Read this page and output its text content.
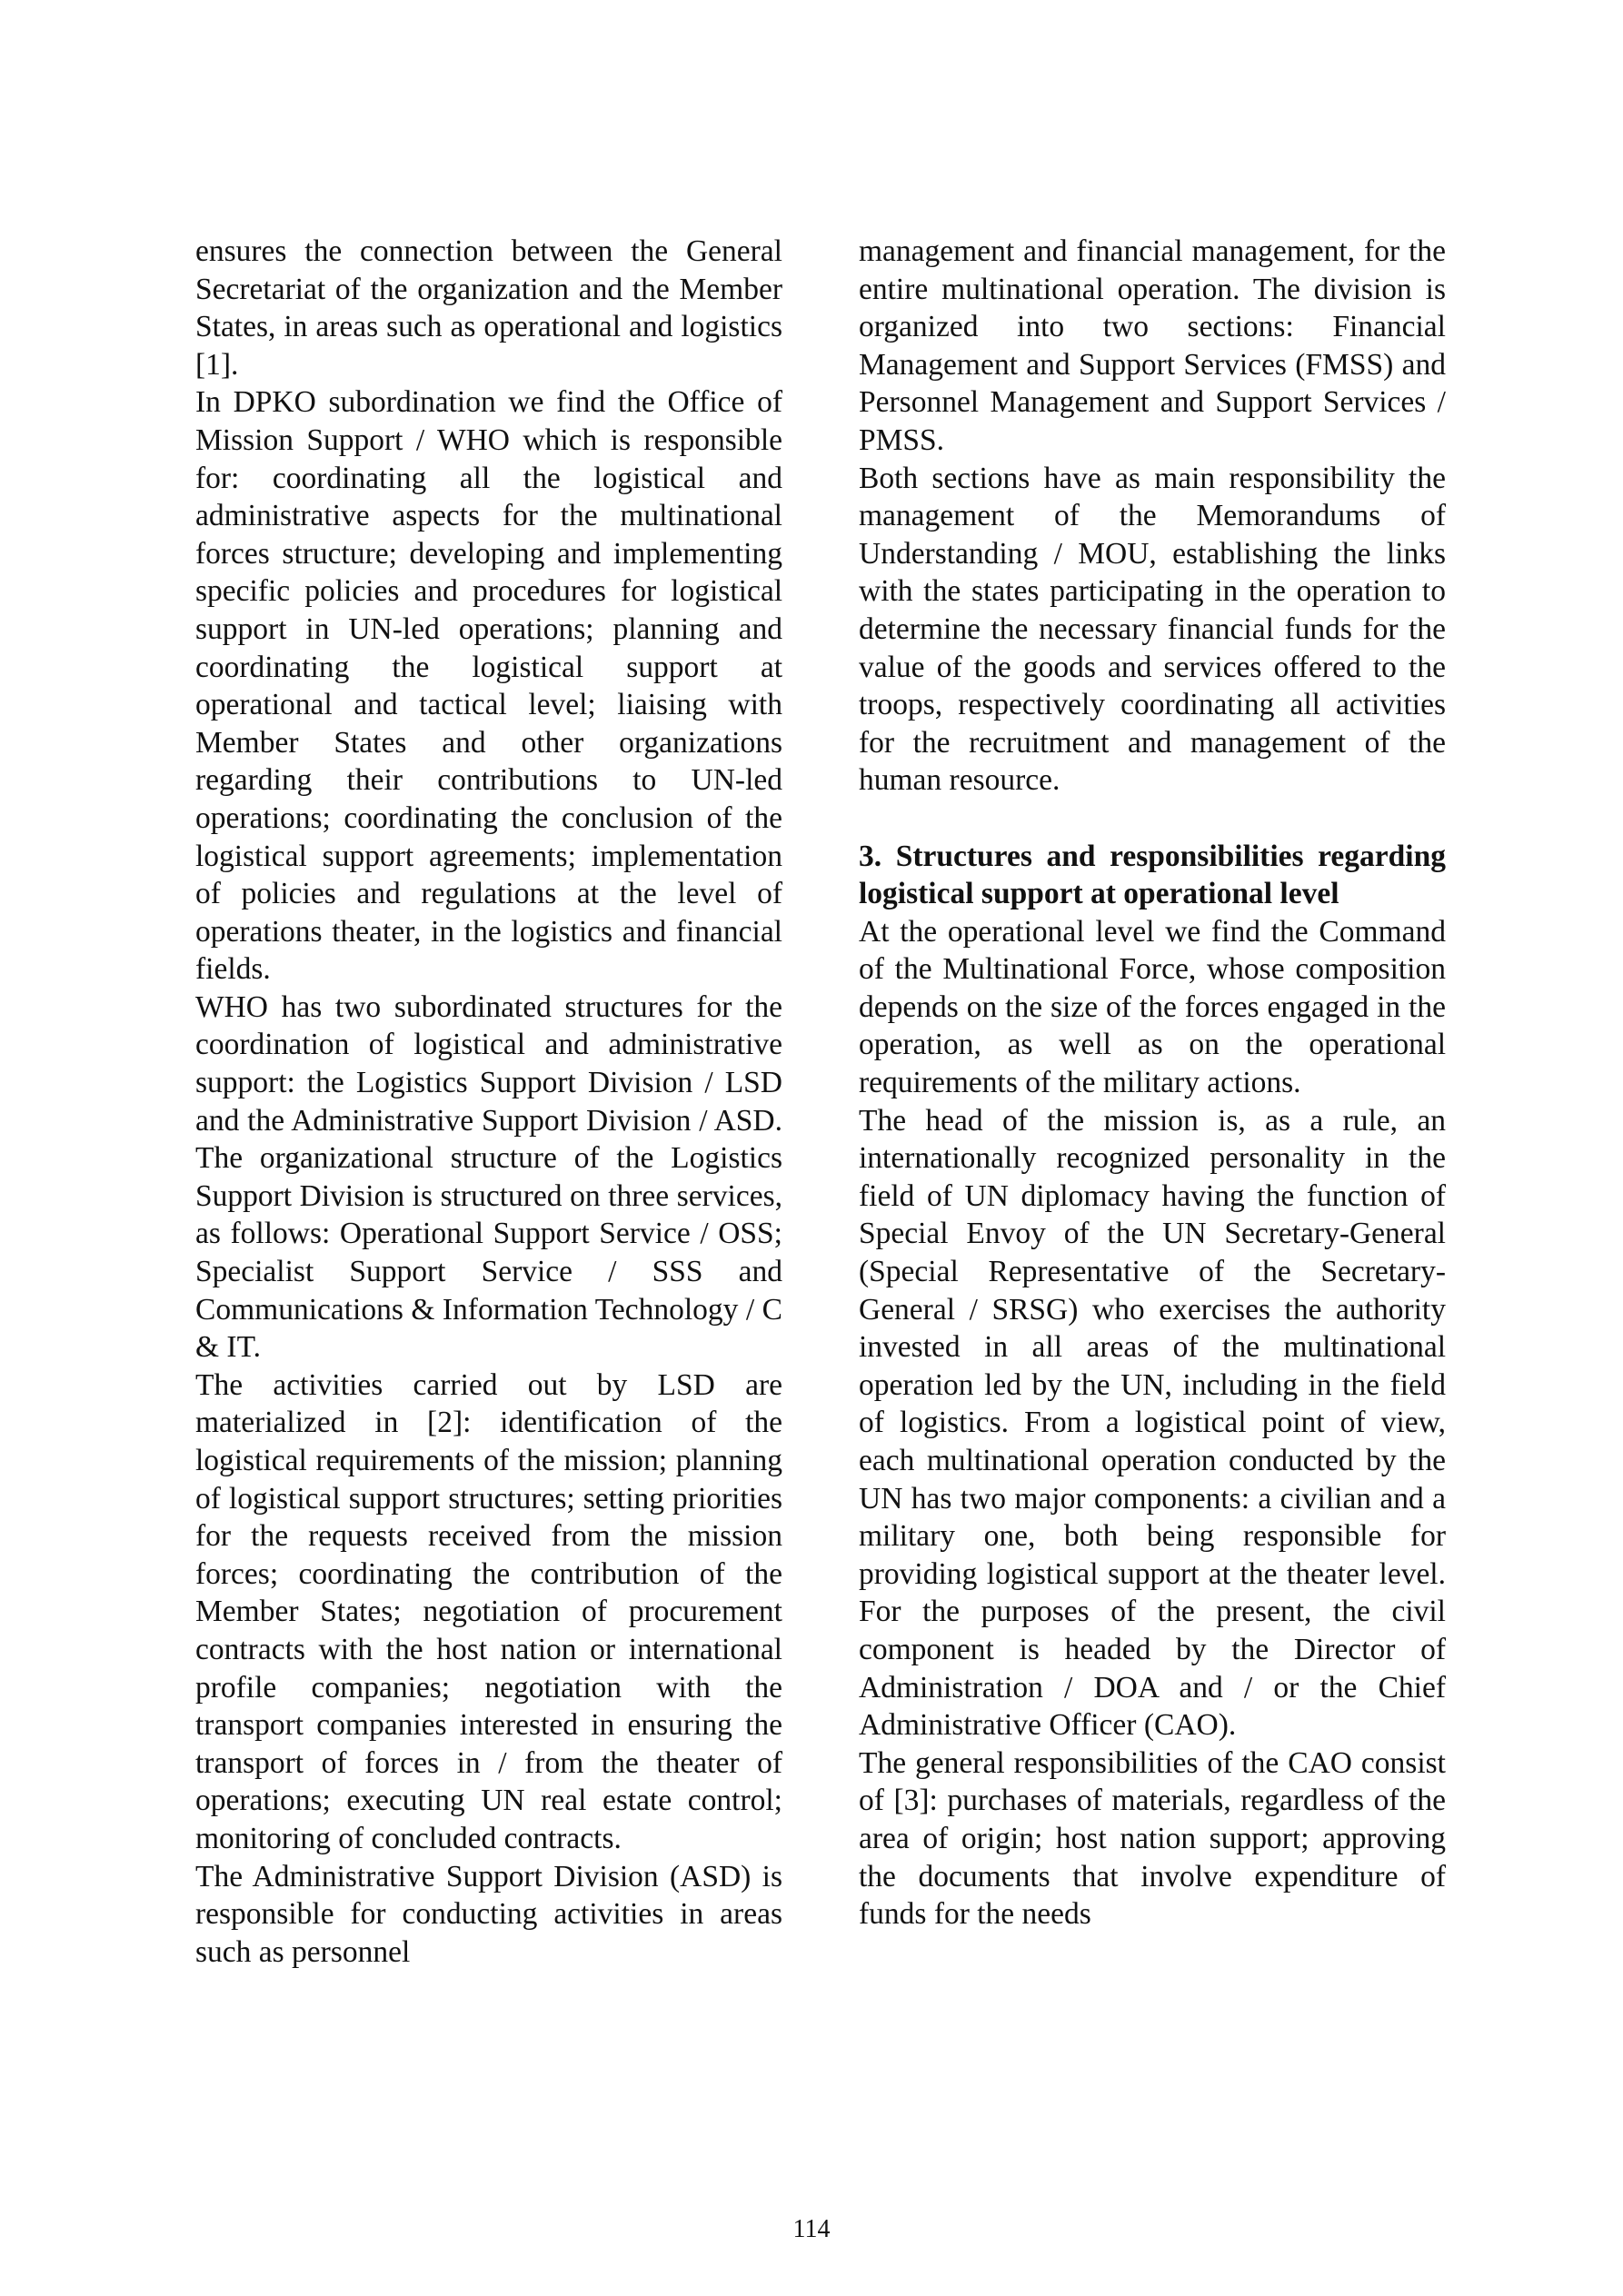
ensures the connection between the General Secretariat of the organization and the Member States, in areas such as operational and logistics [1].

In DPKO subordination we find the Office of Mission Support / WHO which is responsible for: coordinating all the logistical and administrative aspects for the multinational forces structure; developing and implementing specific policies and procedures for logistical support in UN-led operations; planning and coordinating the logistical support at operational and tactical level; liaising with Member States and other organizations regarding their contributions to UN-led operations; coordinating the conclusion of the logistical support agreements; implementation of policies and regulations at the level of operations theater, in the logistics and financial fields.

WHO has two subordinated structures for the coordination of logistical and administrative support: the Logistics Support Division / LSD and the Administrative Support Division / ASD. The organizational structure of the Logistics Support Division is structured on three services, as follows: Operational Support Service / OSS; Specialist Support Service / SSS and Communications & Information Technology / C & IT.

The activities carried out by LSD are materialized in [2]: identification of the logistical requirements of the mission; planning of logistical support structures; setting priorities for the requests received from the mission forces; coordinating the contribution of the Member States; negotiation of procurement contracts with the host nation or international profile companies; negotiation with the transport companies interested in ensuring the transport of forces in / from the theater of operations; executing UN real estate control; monitoring of concluded contracts.

The Administrative Support Division (ASD) is responsible for conducting activities in areas such as personnel

management and financial management, for the entire multinational operation. The division is organized into two sections: Financial Management and Support Services (FMSS) and Personnel Management and Support Services / PMSS.

Both sections have as main responsibility the management of the Memorandums of Understanding / MOU, establishing the links with the states participating in the operation to determine the necessary financial funds for the value of the goods and services offered to the troops, respectively coordinating all activities for the recruitment and management of the human resource.

3. Structures and responsibilities regarding logistical support at operational level

At the operational level we find the Command of the Multinational Force, whose composition depends on the size of the forces engaged in the operation, as well as on the operational requirements of the military actions.

The head of the mission is, as a rule, an internationally recognized personality in the field of UN diplomacy having the function of Special Envoy of the UN Secretary-General (Special Representative of the Secretary-General / SRSG) who exercises the authority invested in all areas of the multinational operation led by the UN, including in the field of logistics. From a logistical point of view, each multinational operation conducted by the UN has two major components: a civilian and a military one, both being responsible for providing logistical support at the theater level. For the purposes of the present, the civil component is headed by the Director of Administration / DOA and / or the Chief Administrative Officer (CAO).

The general responsibilities of the CAO consist of [3]: purchases of materials, regardless of the area of origin; host nation support; approving the documents that involve expenditure of funds for the needs

114
